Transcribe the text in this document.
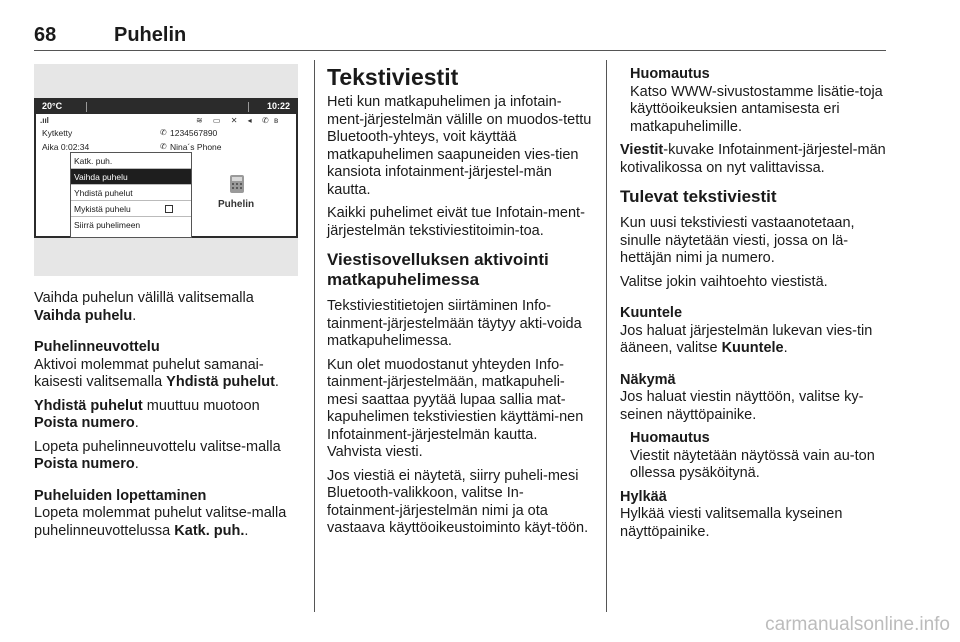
68	Puhelin
20°C	10:22
.ııl	≋ ▭ ✕ ◂ ✆ ʙ
Kytketty	✆ 1234567890
Aika 0:02:34	✆ Nina´s Phone
Katk. puh.
Vaihda puhelu
Yhdistä puhelut
Mykistä puhelu
Siirrä puhelimeen
Puhelin

Vaihda puhelun välillä valitsemalla Vaihda puhelu.

Puhelinneuvottelu

Aktivoi molemmat puhelut samanai-kaisesti valitsemalla Yhdistä puhelut.

Yhdistä puhelut muuttuu muotoon Poista numero.

Lopeta puhelinneuvottelu valitse-malla Poista numero.

Puheluiden lopettaminen

Lopeta molemmat puhelut valitse-malla puhelinneuvottelussa Katk. puh..

Tekstiviestit

Heti kun matkapuhelimen ja infotain-ment-järjestelmän välille on muodos-tettu Bluetooth-yhteys, voit käyttää matkapuhelimen saapuneiden vies-tien kansiota infotainment-järjestel-män kautta.

Kaikki puhelimet eivät tue Infotain-ment-järjestelmän tekstiviestitoimin-toa.

Viestisovelluksen aktivointi matkapuhelimessa

Tekstiviestitietojen siirtäminen Info-tainment-järjestelmään täytyy akti-voida matkapuhelimessa.

Kun olet muodostanut yhteyden Info-tainment-järjestelmään, matkapuheli-mesi saattaa pyytää lupaa sallia mat-kapuhelimen tekstiviestien käyttämi-nen Infotainment-järjestelmän kautta. Vahvista viesti.

Jos viestiä ei näytetä, siirry puheli-mesi Bluetooth-valikkoon, valitse In-fotainment-järjestelmän nimi ja ota vastaava käyttöoikeustoiminto käyt-töön.

Huomautus
Katso WWW-sivustostamme lisätie-toja käyttöoikeuksien antamisesta eri matkapuhelimille.

Viestit-kuvake Infotainment-järjestel-män kotivalikossa on nyt valittavissa.

Tulevat tekstiviestit

Kun uusi tekstiviesti vastaanotetaan, sinulle näytetään viesti, jossa on lä-hettäjän nimi ja numero.

Valitse jokin vaihtoehto viestistä.

Kuuntele

Jos haluat järjestelmän lukevan vies-tin ääneen, valitse Kuuntele.

Näkymä

Jos haluat viestin näyttöön, valitse ky-seinen näyttöpainike.

Huomautus
Viestit näytetään näytössä vain au-ton ollessa pysäköitynä.

Hylkää

Hylkää viesti valitsemalla kyseinen näyttöpainike.

carmanualsonline.info
